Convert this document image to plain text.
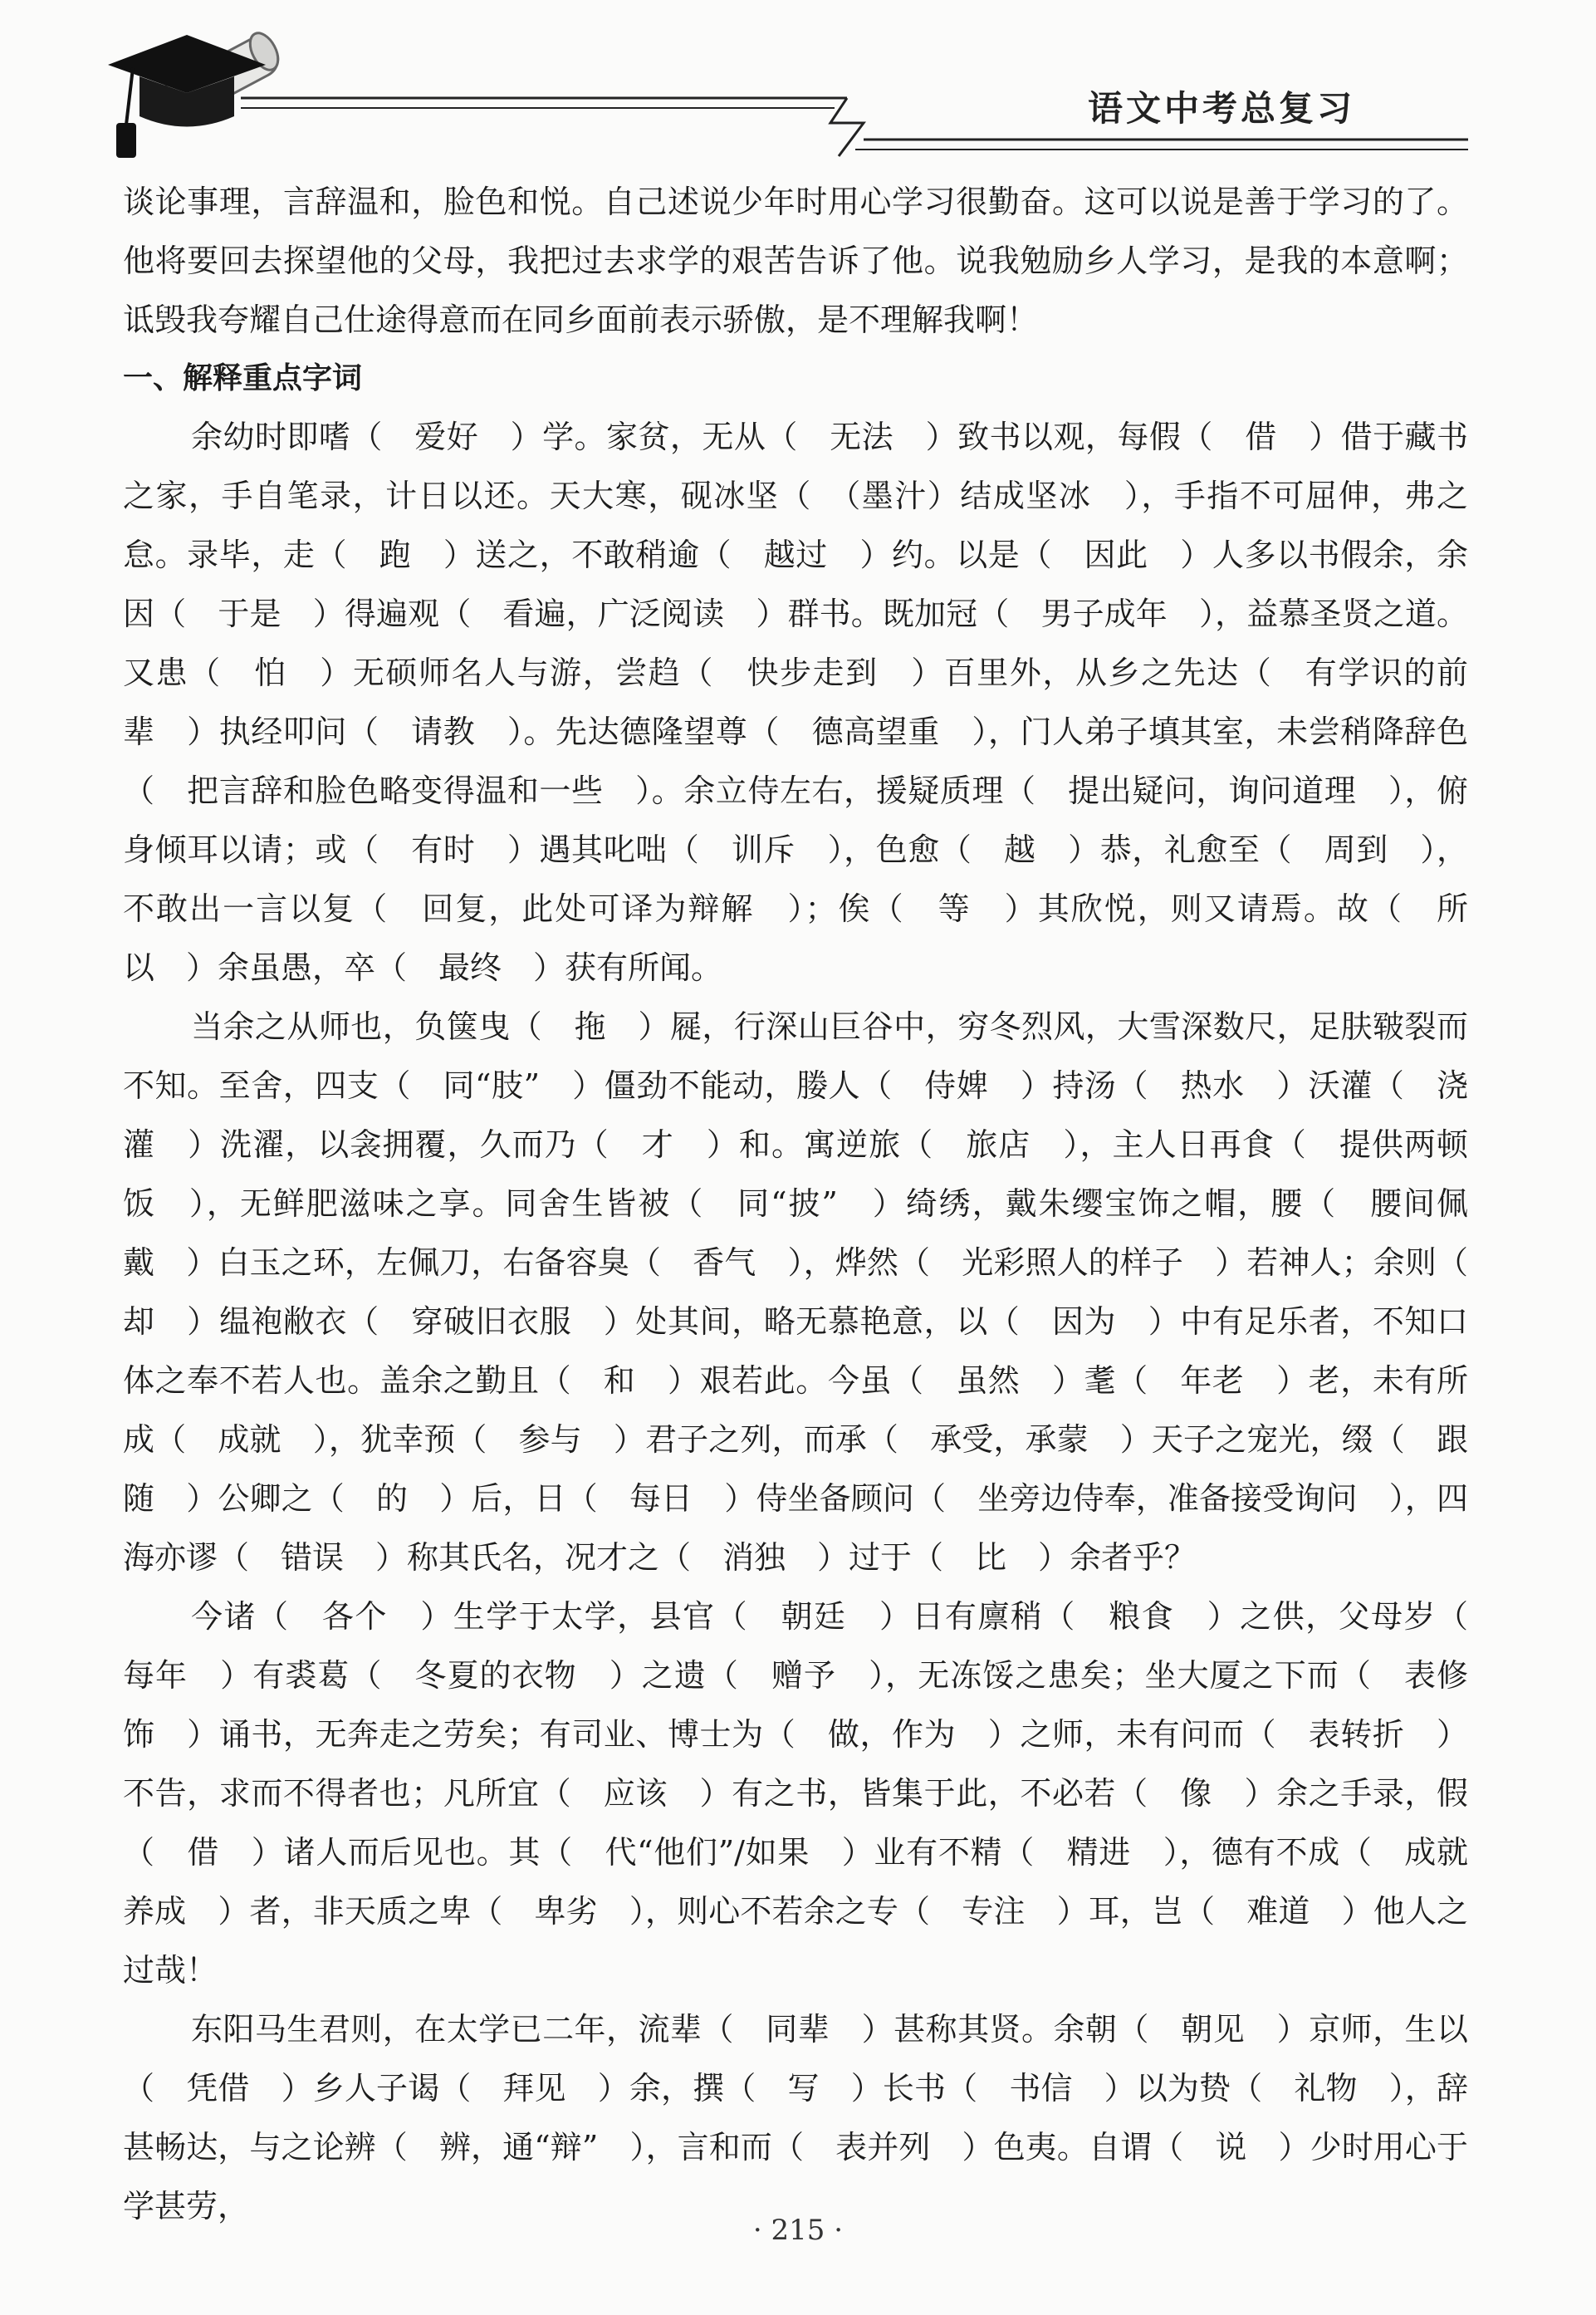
语文中考总复习

谈论事理，言辞温和，脸色和悦。自己述说少年时用心学习很勤奋。这可以说是善于学习的了。他将要回去探望他的父母，我把过去求学的艰苦告诉了他。说我勉励乡人学习，是我的本意啊；诋毁我夸耀自己仕途得意而在同乡面前表示骄傲，是不理解我啊！

一、解释重点字词

余幼时即嗜（　爱好　）学。家贫，无从（　无法　）致书以观，每假（　借　）借于藏书之家，手自笔录，计日以还。天大寒，砚冰坚（　（墨汁）结成坚冰　），手指不可屈伸，弗之怠。录毕，走（　跑　）送之，不敢稍逾（　越过　）约。以是（　因此　）人多以书假余，余因（　于是　）得遍观（　看遍，广泛阅读　）群书。既加冠（　男子成年　），益慕圣贤之道。又患（　怕　）无硕师名人与游，尝趋（　快步走到　）百里外，从乡之先达（　有学识的前辈　）执经叩问（　请教　）。先达德隆望尊（　德高望重　），门人弟子填其室，未尝稍降辞色（　把言辞和脸色略变得温和一些　）。余立侍左右，援疑质理（　提出疑问，询问道理　），俯身倾耳以请；或（　有时　）遇其叱咄（　训斥　），色愈（　越　）恭，礼愈至（　周到　），不敢出一言以复（　回复，此处可译为辩解　）；俟（　等　）其欣悦，则又请焉。故（　所以　）余虽愚，卒（　最终　）获有所闻。

当余之从师也，负箧曳（　拖　）屣，行深山巨谷中，穷冬烈风，大雪深数尺，足肤皲裂而不知。至舍，四支（　同“肢”　）僵劲不能动，媵人（　侍婢　）持汤（　热水　）沃灌（　浇灌　）洗濯，以衾拥覆，久而乃（　才　）和。寓逆旅（　旅店　），主人日再食（　提供两顿饭　），无鲜肥滋味之享。同舍生皆被（　同“披”　）绮绣，戴朱缨宝饰之帽，腰（　腰间佩戴　）白玉之环，左佩刀，右备容臭（　香气　），烨然（　光彩照人的样子　）若神人；余则（　却　）缊袍敝衣（　穿破旧衣服　）处其间，略无慕艳意，以（　因为　）中有足乐者，不知口体之奉不若人也。盖余之勤且（　和　）艰若此。今虽（　虽然　）耄（　年老　）老，未有所成（　成就　），犹幸预（　参与　）君子之列，而承（　承受，承蒙　）天子之宠光，缀（　跟随　）公卿之（　的　）后，日（　每日　）侍坐备顾问（　坐旁边侍奉，准备接受询问　），四海亦谬（　错误　）称其氏名，况才之（　消独　）过于（　比　）余者乎？

今诸（　各个　）生学于太学，县官（　朝廷　）日有廪稍（　粮食　）之供，父母岁（　每年　）有裘葛（　冬夏的衣物　）之遗（　赠予　），无冻馁之患矣；坐大厦之下而（　表修饰　）诵书，无奔走之劳矣；有司业、博士为（　做，作为　）之师，未有问而（　表转折　）不告，求而不得者也；凡所宜（　应该　）有之书，皆集于此，不必若（　像　）余之手录，假（　借　）诸人而后见也。其（　代“他们”/如果　）业有不精（　精进　），德有不成（　成就养成　）者，非天质之卑（　卑劣　），则心不若余之专（　专注　）耳，岂（　难道　）他人之过哉！

东阳马生君则，在太学已二年，流辈（　同辈　）甚称其贤。余朝（　朝见　）京师，生以（　凭借　）乡人子谒（　拜见　）余，撰（　写　）长书（　书信　）以为贽（　礼物　），辞甚畅达，与之论辨（　辨，通“辩”　），言和而（　表并列　）色夷。自谓（　说　）少时用心于学甚劳，

· 215 ·
